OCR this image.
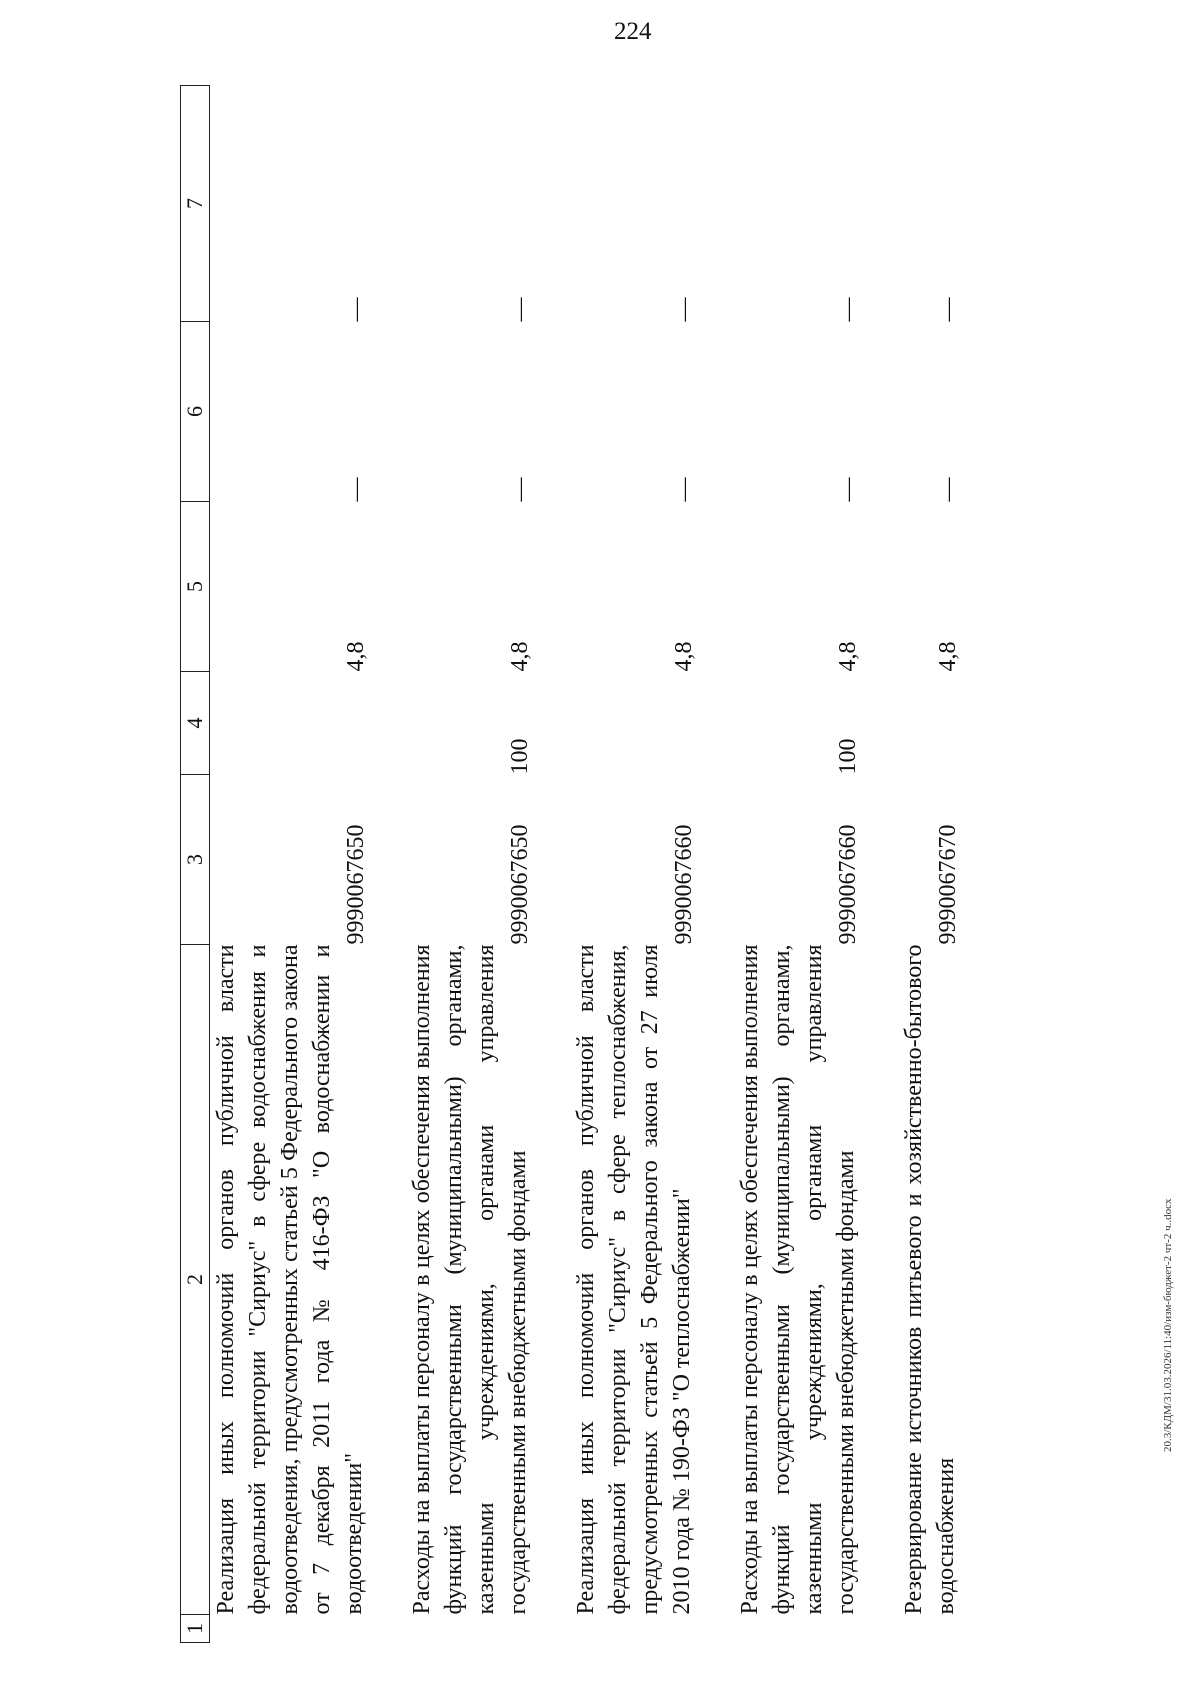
224
20.3/КДМ/31.03.2026/11:40/изм-бюджет-2 чт-2 ч..docx
1	2	3	4	5	6	7
	Реализация иных полномочий органов публичной власти федеральной территории "Сириус" в сфере водоснабжения и водоотведения, предусмотренных статьей 5 Федерального закона от 7 декабря 2011 года № 416-ФЗ "О водоснабжении и водоотведении"	9990067650		4,8	—	—

	Расходы на выплаты персоналу в целях обеспечения выполнения функций государственными (муниципальными) органами, казенными учреждениями, органами управления государственными внебюджетными фондами	9990067650	100	4,8	—	—

	Реализация иных полномочий органов публичной власти федеральной территории "Сириус" в сфере теплоснабжения, предусмотренных статьей 5 Федерального закона от 27 июля 2010 года № 190-ФЗ "О теплоснабжении"	9990067660		4,8	—	—

	Расходы на выплаты персоналу в целях обеспечения выполнения функций государственными (муниципальными) органами, казенными учреждениями, органами управления государственными внебюджетными фондами	9990067660	100	4,8	—	—

	Резервирование источников питьевого и хозяйственно-бытового водоснабжения	9990067670		4,8	—	—
